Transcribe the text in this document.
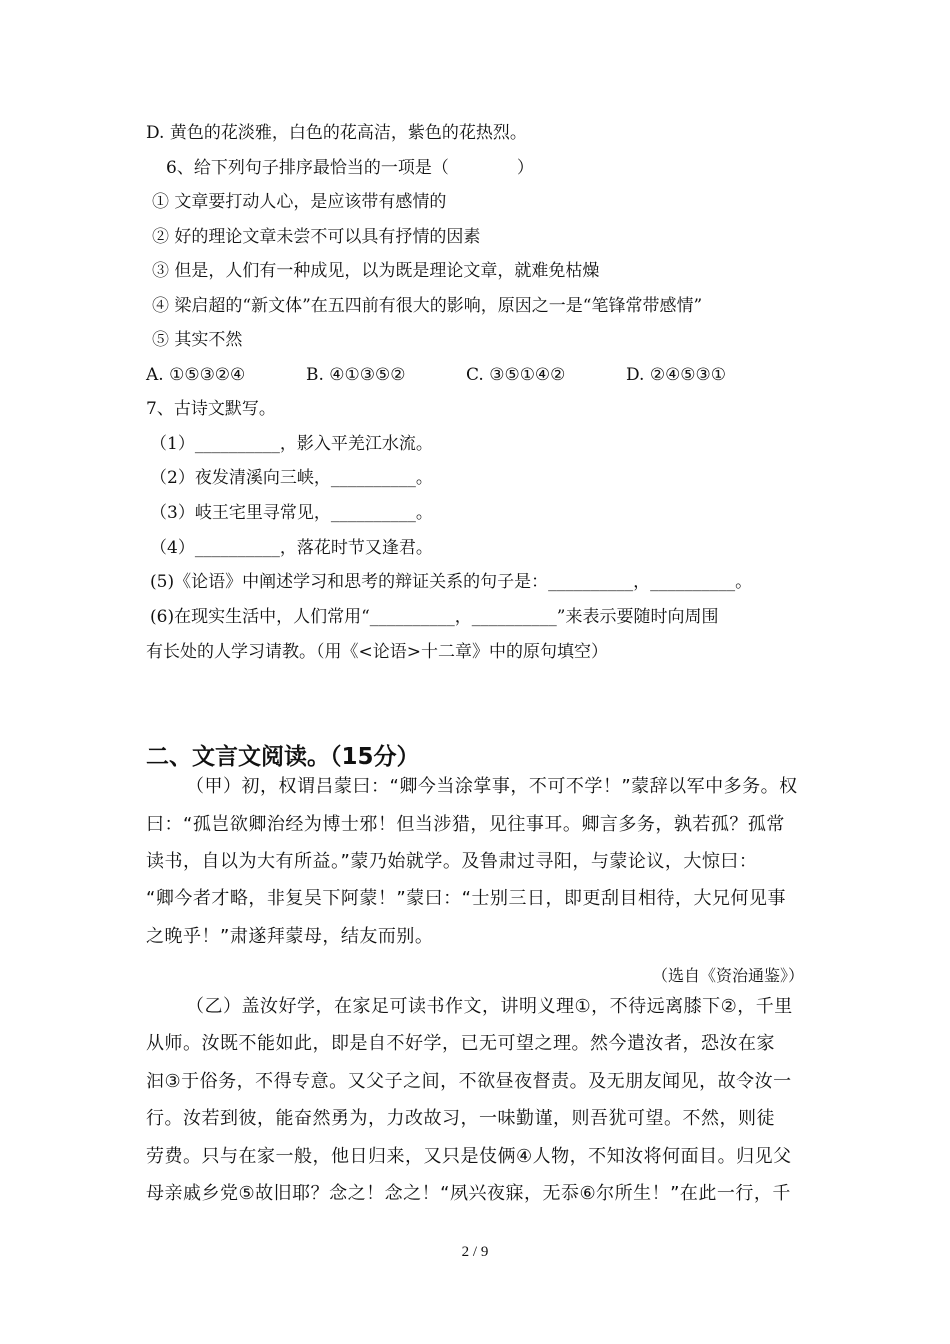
D. 黄色的花淡雅，白色的花高洁，紫色的花热烈。
6、给下列句子排序最恰当的一项是（　　　　）
① 文章要打动人心，是应该带有感情的
② 好的理论文章未尝不可以具有抒情的因素
③ 但是，人们有一种成见，以为既是理论文章，就难免枯燥
④ 梁启超的“新文体”在五四前有很大的影响，原因之一是“笔锋常带感情”
⑤ 其实不然
A. ①⑤③②④	B. ④①③⑤②	C. ③⑤①④②	D. ②④⑤③①
7、古诗文默写。
（1）__________，影入平羌江水流。
（2）夜发清溪向三峡，__________。
（3）岐王宅里寻常见，__________。
（4）__________，落花时节又逢君。
(5)《论语》中阐述学习和思考的辩证关系的句子是：__________，__________。
(6)在现实生活中，人们常用“__________，__________”来表示要随时向周围
有长处的人学习请教。（用《<论语>十二章》中的原句填空）
二、文言文阅读。（15分）
（甲）初，权谓吕蒙曰：“卿今当涂掌事，不可不学！”蒙辞以军中多务。权
曰：“孤岂欲卿治经为博士邪！但当涉猎，见往事耳。卿言多务，孰若孤？孤常
读书，自以为大有所益。”蒙乃始就学。及鲁肃过寻阳，与蒙论议，大惊曰：
“卿今者才略，非复吴下阿蒙！”蒙曰：“士别三日，即更刮目相待，大兄何见事
之晚乎！”肃遂拜蒙母，结友而别。
（选自《资治通鉴》）
（乙）盖汝好学，在家足可读书作文，讲明义理①，不待远离膝下②，千里
从师。汝既不能如此，即是自不好学，已无可望之理。然今遣汝者，恐汝在家
汩③于俗务，不得专意。又父子之间，不欲昼夜督责。及无朋友闻见，故令汝一
行。汝若到彼，能奋然勇为，力改故习，一味勤谨，则吾犹可望。不然，则徒
劳费。只与在家一般，他日归来，又只是伎俩④人物，不知汝将何面目。归见父
母亲戚乡党⑤故旧耶？念之！念之！“夙兴夜寐，无忝⑥尔所生！”在此一行，千
2 / 9
